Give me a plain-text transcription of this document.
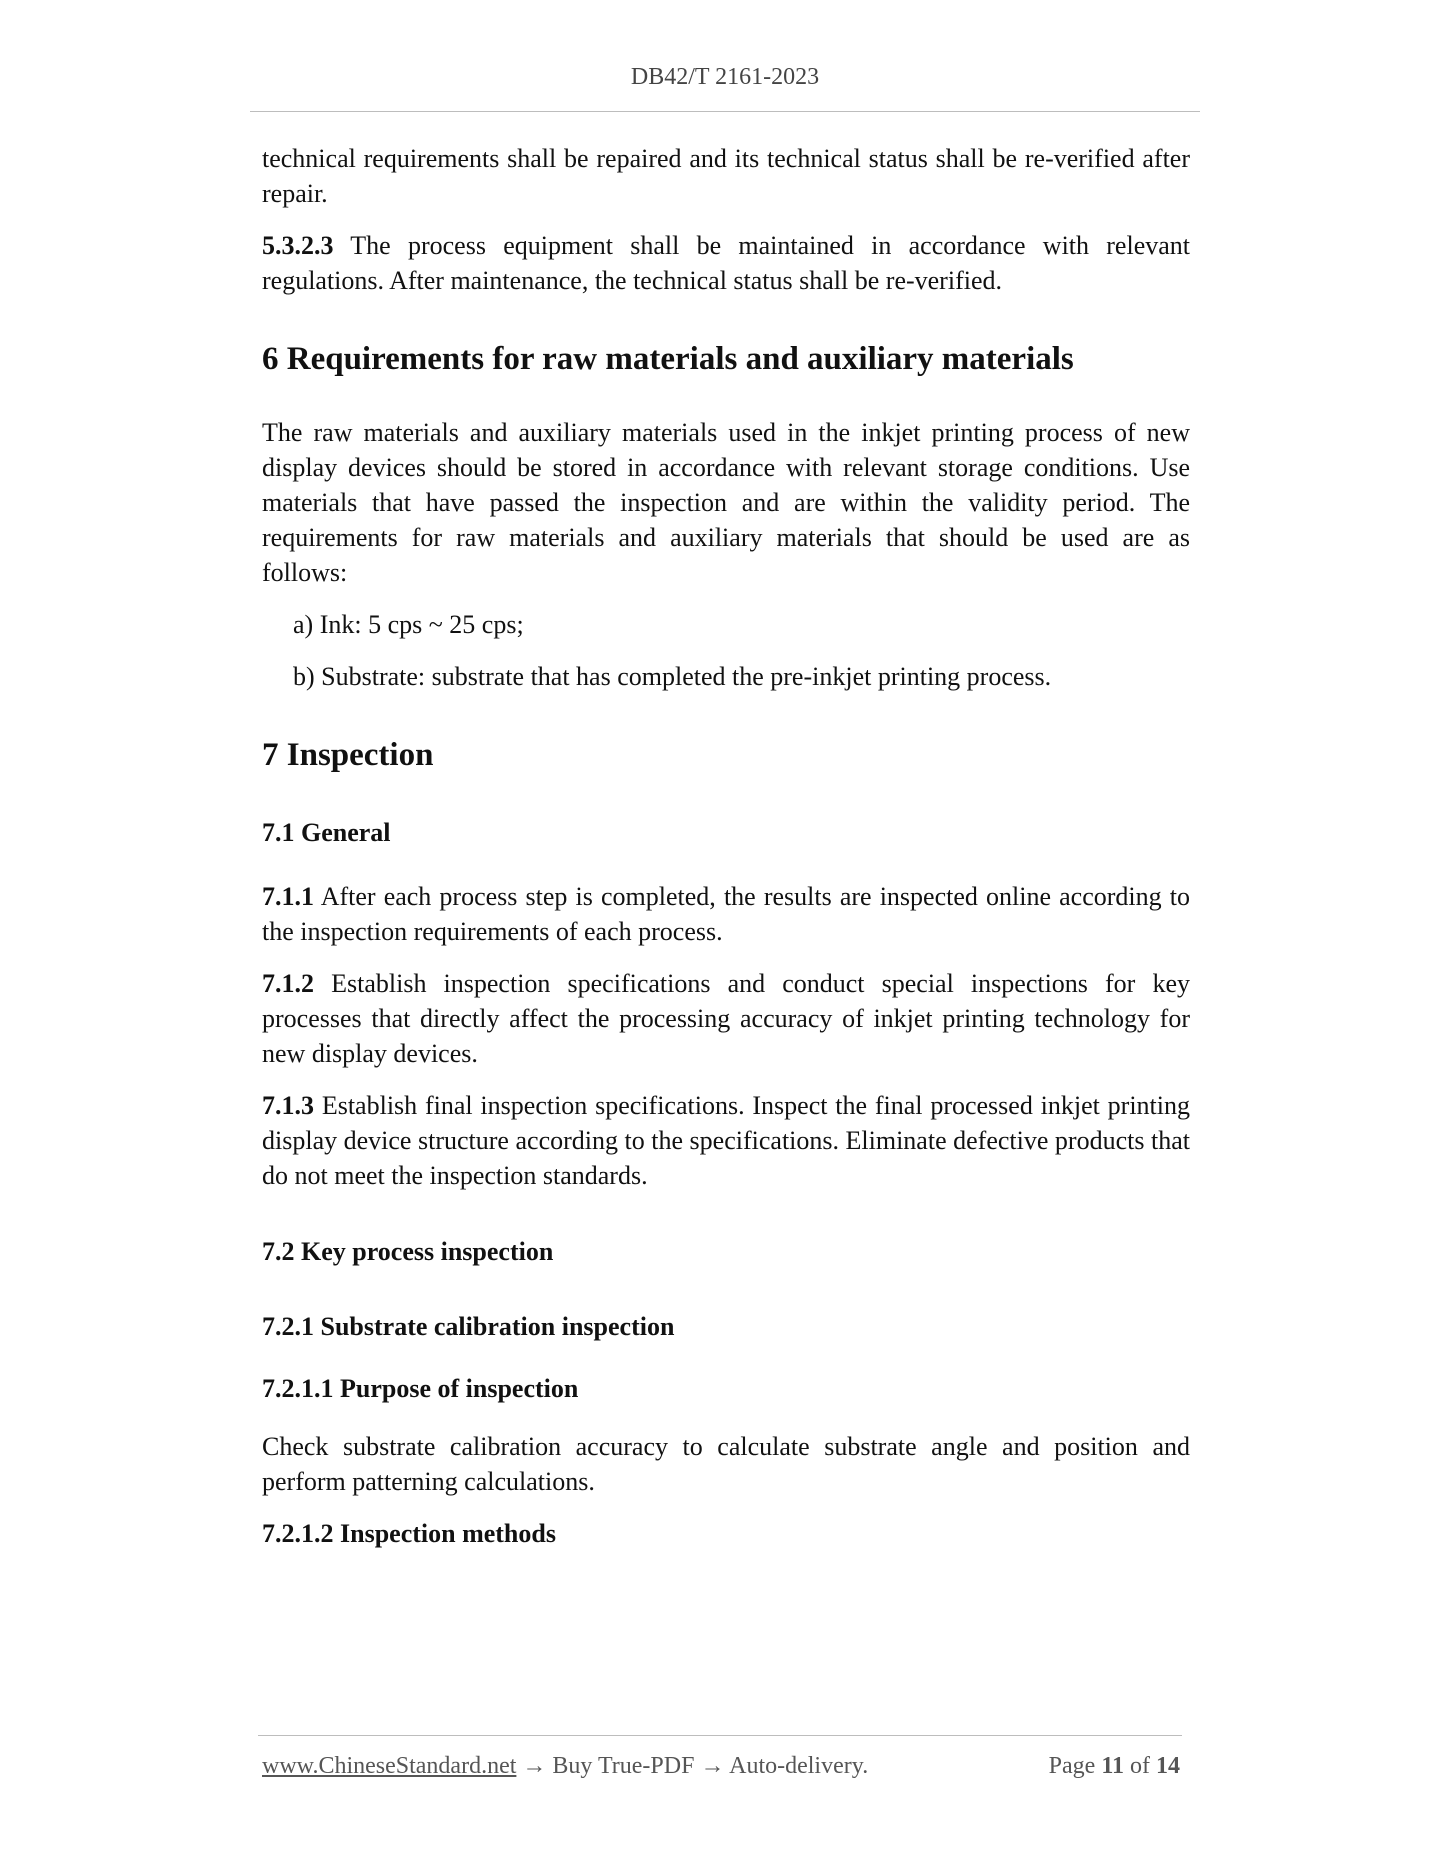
DB42/T 2161-2023

technical requirements shall be repaired and its technical status shall be re-verified after repair.

5.3.2.3 The process equipment shall be maintained in accordance with relevant regulations. After maintenance, the technical status shall be re-verified.

6 Requirements for raw materials and auxiliary materials

The raw materials and auxiliary materials used in the inkjet printing process of new display devices should be stored in accordance with relevant storage conditions. Use materials that have passed the inspection and are within the validity period. The requirements for raw materials and auxiliary materials that should be used are as follows:

a) Ink: 5 cps ~ 25 cps;

b) Substrate: substrate that has completed the pre-inkjet printing process.

7 Inspection
7.1 General

7.1.1 After each process step is completed, the results are inspected online according to the inspection requirements of each process.

7.1.2 Establish inspection specifications and conduct special inspections for key processes that directly affect the processing accuracy of inkjet printing technology for new display devices.

7.1.3 Establish final inspection specifications. Inspect the final processed inkjet printing display device structure according to the specifications. Eliminate defective products that do not meet the inspection standards.

7.2 Key process inspection
7.2.1 Substrate calibration inspection
7.2.1.1 Purpose of inspection

Check substrate calibration accuracy to calculate substrate angle and position and perform patterning calculations.

7.2.1.2 Inspection methods
www.ChineseStandard.net → Buy True-PDF → Auto-delivery.	Page 11 of 14
